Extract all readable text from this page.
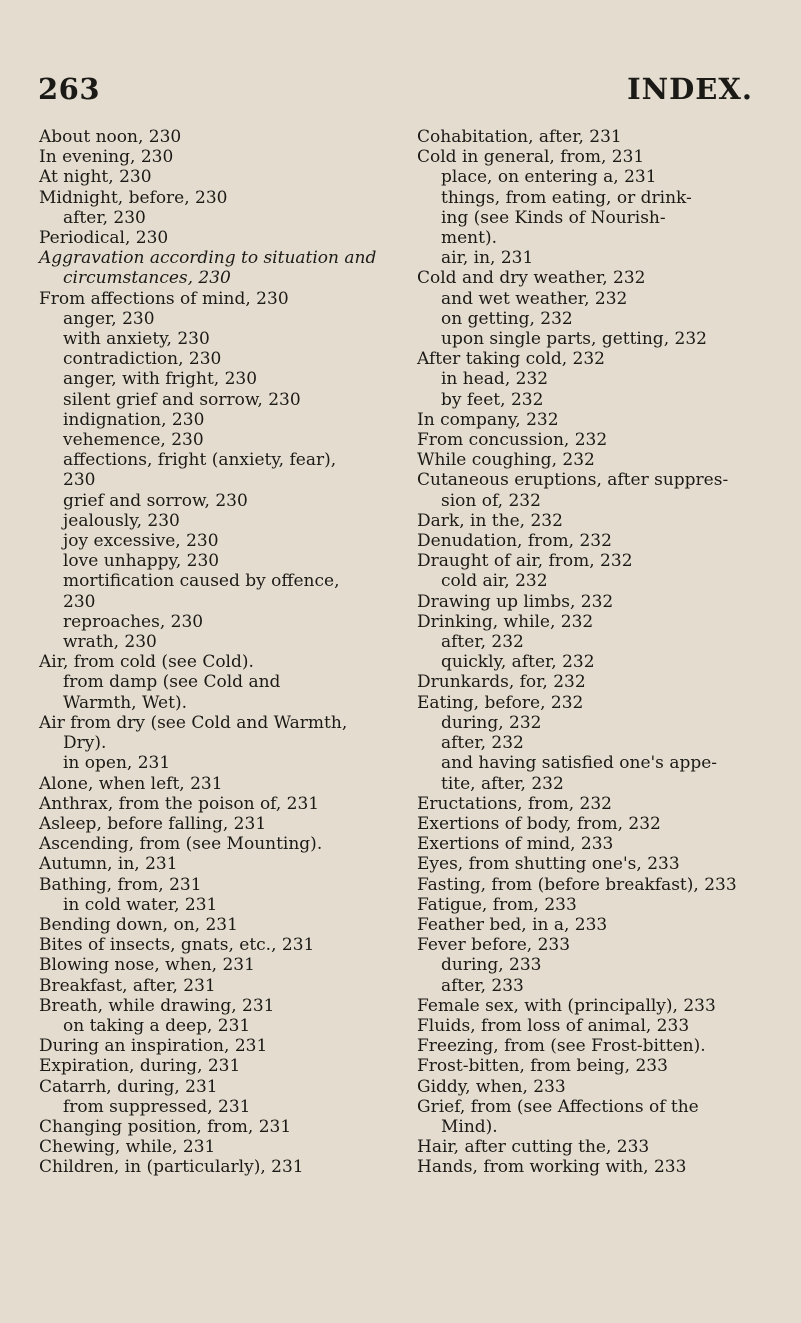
263	INDEX.
About noon, 230
In evening, 230
At night, 230
Midnight, before, 230
after, 230
Periodical, 230
Aggravation according to situation and
circumstances, 230
From affections of mind, 230
anger, 230
with anxiety, 230
contradiction, 230
anger, with fright, 230
silent grief and sorrow, 230
indignation, 230
vehemence, 230
affections, fright (anxiety, fear),
230
grief and sorrow, 230
jealously, 230
joy excessive, 230
love unhappy, 230
mortification caused by offence,
230
reproaches, 230
wrath, 230
Air, from cold (see Cold).
from damp (see Cold and
Warmth, Wet).
Air from dry (see Cold and Warmth,
Dry).
in open, 231
Alone, when left, 231
Anthrax, from the poison of, 231
Asleep, before falling, 231
Ascending, from (see Mounting).
Autumn, in, 231
Bathing, from, 231
in cold water, 231
Bending down, on, 231
Bites of insects, gnats, etc., 231
Blowing nose, when, 231
Breakfast, after, 231
Breath, while drawing, 231
on taking a deep, 231
During an inspiration, 231
Expiration, during, 231
Catarrh, during, 231
from suppressed, 231
Changing position, from, 231
Chewing, while, 231
Children, in (particularly), 231
Cohabitation, after, 231
Cold in general, from, 231
place, on entering a, 231
things, from eating, or drink-
ing (see Kinds of Nourish-
ment).
air, in, 231
Cold and dry weather, 232
and wet weather, 232
on getting, 232
upon single parts, getting, 232
After taking cold, 232
in head, 232
by feet, 232
In company, 232
From concussion, 232
While coughing, 232
Cutaneous eruptions, after suppres-
sion of, 232
Dark, in the, 232
Denudation, from, 232
Draught of air, from, 232
cold air, 232
Drawing up limbs, 232
Drinking, while, 232
after, 232
quickly, after, 232
Drunkards, for, 232
Eating, before, 232
during, 232
after, 232
and having satisfied one's appe-
tite, after, 232
Eructations, from, 232
Exertions of body, from, 232
Exertions of mind, 233
Eyes, from shutting one's, 233
Fasting, from (before breakfast), 233
Fatigue, from, 233
Feather bed, in a, 233
Fever before, 233
during, 233
after, 233
Female sex, with (principally), 233
Fluids, from loss of animal, 233
Freezing, from (see Frost-bitten).
Frost-bitten, from being, 233
Giddy, when, 233
Grief, from (see Affections of the
Mind).
Hair, after cutting the, 233
Hands, from working with, 233
